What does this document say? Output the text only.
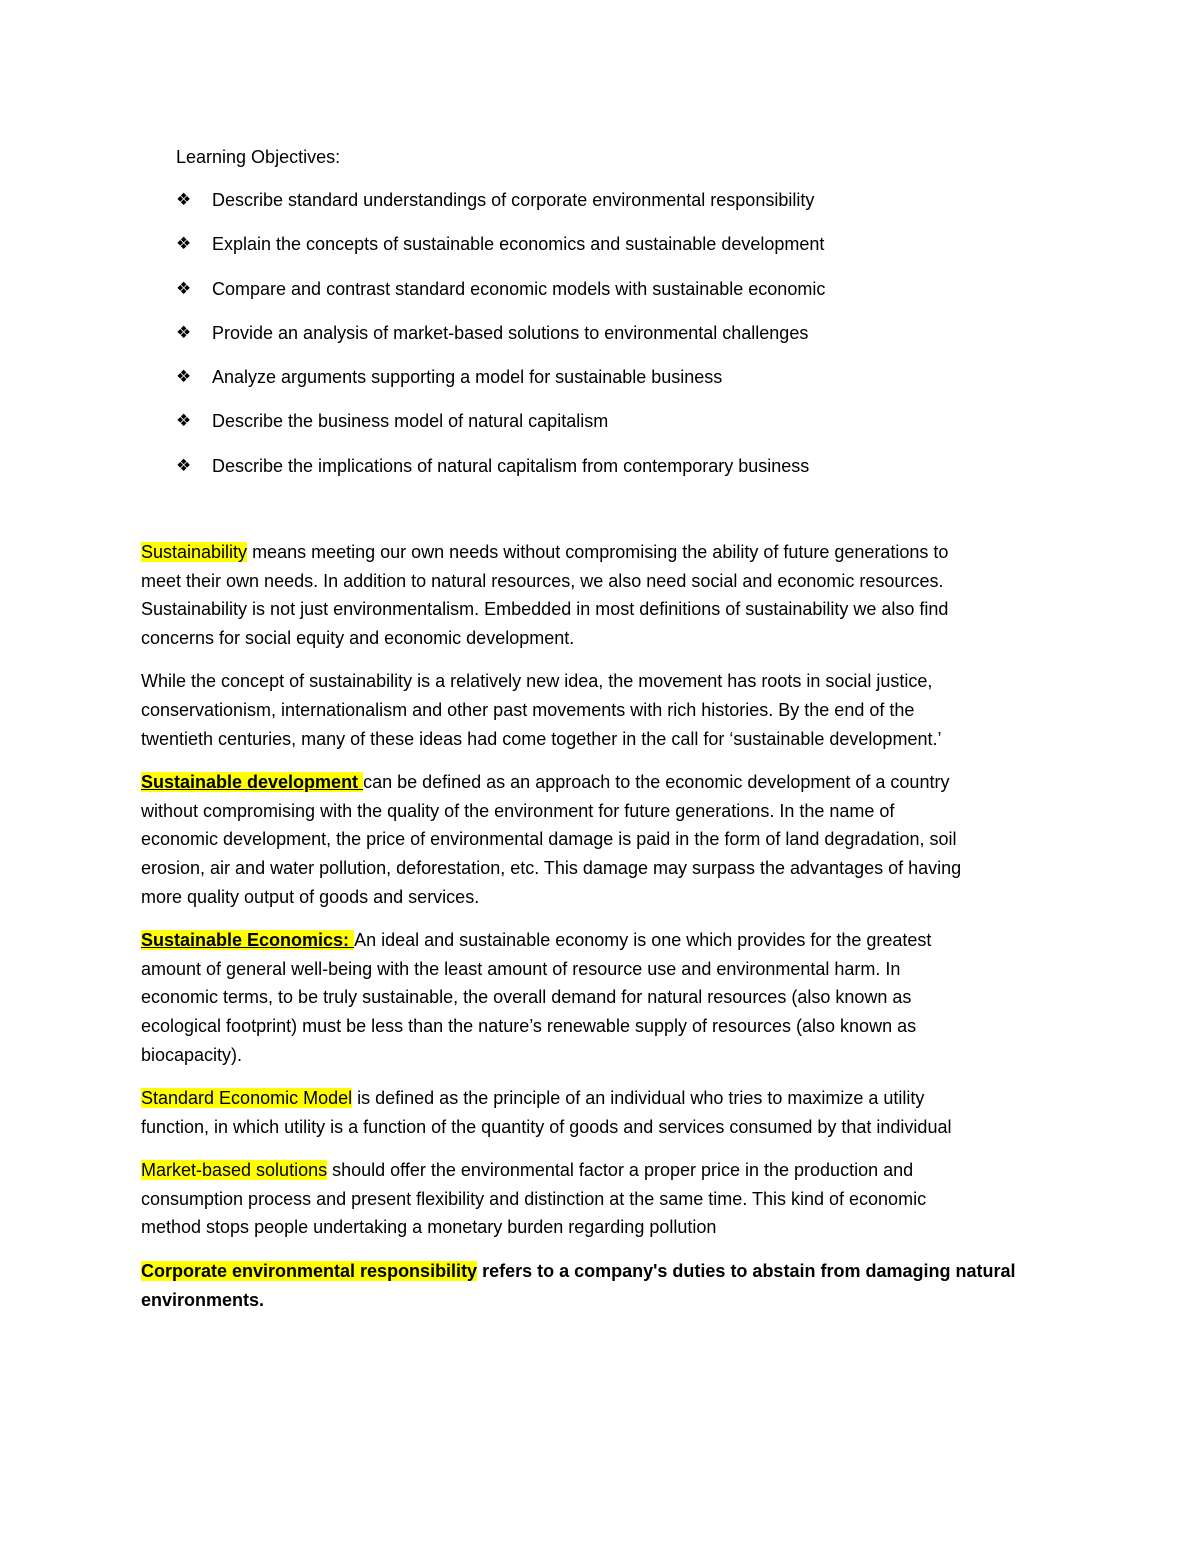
Learning Objectives:
❖ Describe standard understandings of corporate environmental responsibility
❖ Explain the concepts of sustainable economics and sustainable development
❖ Compare and contrast standard economic models with sustainable economic
❖ Provide an analysis of market-based solutions to environmental challenges
❖ Analyze arguments supporting a model for sustainable business
❖ Describe the business model of natural capitalism
❖ Describe the implications of natural capitalism from contemporary business

Sustainability means meeting our own needs without compromising the ability of future generations to
meet their own needs. In addition to natural resources, we also need social and economic resources.
Sustainability is not just environmentalism. Embedded in most definitions of sustainability we also find
concerns for social equity and economic development.

While the concept of sustainability is a relatively new idea, the movement has roots in social justice,
conservationism, internationalism and other past movements with rich histories. By the end of the
twentieth centuries, many of these ideas had come together in the call for ‘sustainable development.’

Sustainable development can be defined as an approach to the economic development of a country
without compromising with the quality of the environment for future generations. In the name of
economic development, the price of environmental damage is paid in the form of land degradation, soil
erosion, air and water pollution, deforestation, etc. This damage may surpass the advantages of having
more quality output of goods and services.

Sustainable Economics: An ideal and sustainable economy is one which provides for the greatest
amount of general well-being with the least amount of resource use and environmental harm. In
economic terms, to be truly sustainable, the overall demand for natural resources (also known as
ecological footprint) must be less than the nature’s renewable supply of resources (also known as
biocapacity).

Standard Economic Model is defined as the principle of an individual who tries to maximize a utility
function, in which utility is a function of the quantity of goods and services consumed by that individual

Market-based solutions should offer the environmental factor a proper price in the production and
consumption process and present flexibility and distinction at the same time. This kind of economic
method stops people undertaking a monetary burden regarding pollution

Corporate environmental responsibility refers to a company's duties to abstain from damaging natural
environments.
